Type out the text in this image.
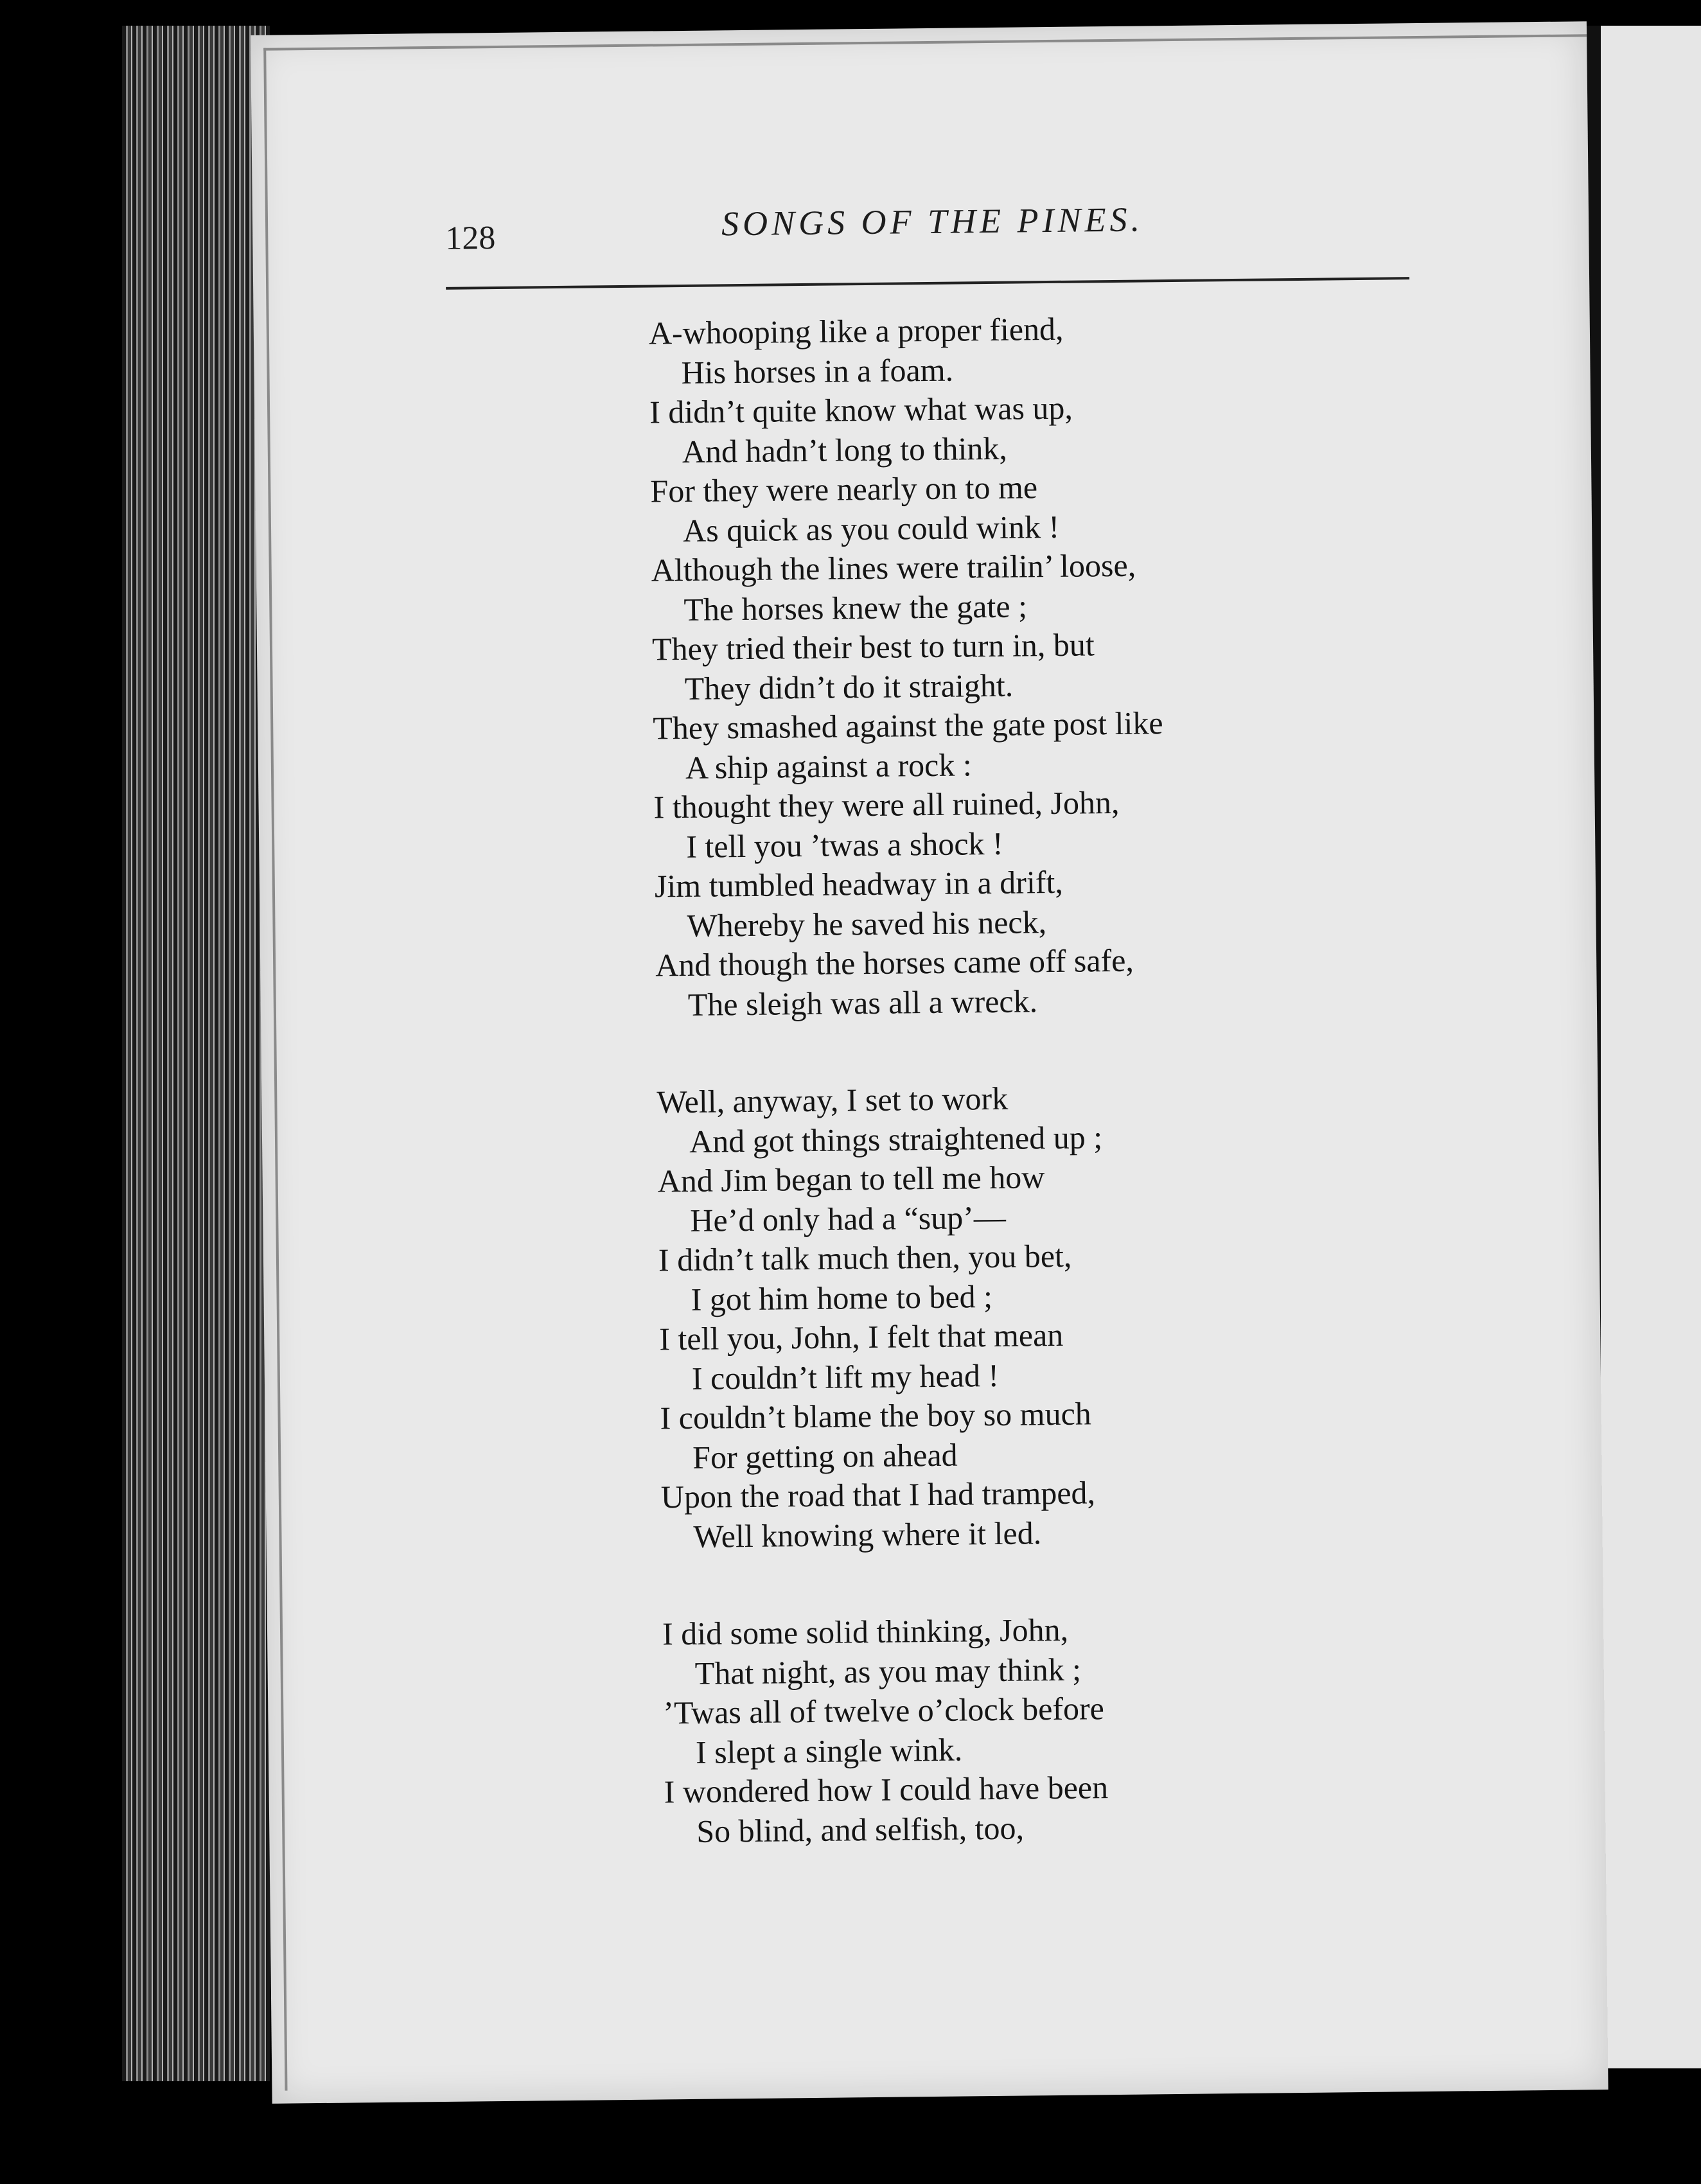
128	SONGS OF THE PINES.
A-whooping like a proper fiend,
His horses in a foam.
I didn’t quite know what was up,
And hadn’t long to think,
For they were nearly on to me
As quick as you could wink !
Although the lines were trailin’ loose,
The horses knew the gate ;
They tried their best to turn in, but
They didn’t do it straight.
They smashed against the gate post like
A ship against a rock :
I thought they were all ruined, John,
I tell you ’twas a shock !
Jim tumbled headway in a drift,
Whereby he saved his neck,
And though the horses came off safe,
The sleigh was all a wreck.
Well, anyway, I set to work
And got things straightened up ;
And Jim began to tell me how
He’d only had a “sup’—
I didn’t talk much then, you bet,
I got him home to bed ;
I tell you, John, I felt that mean
I couldn’t lift my head !
I couldn’t blame the boy so much
For getting on ahead
Upon the road that I had tramped,
Well knowing where it led.
I did some solid thinking, John,
That night, as you may think ;
’Twas all of twelve o’clock before
I slept a single wink.
I wondered how I could have been
So blind, and selfish, too,
